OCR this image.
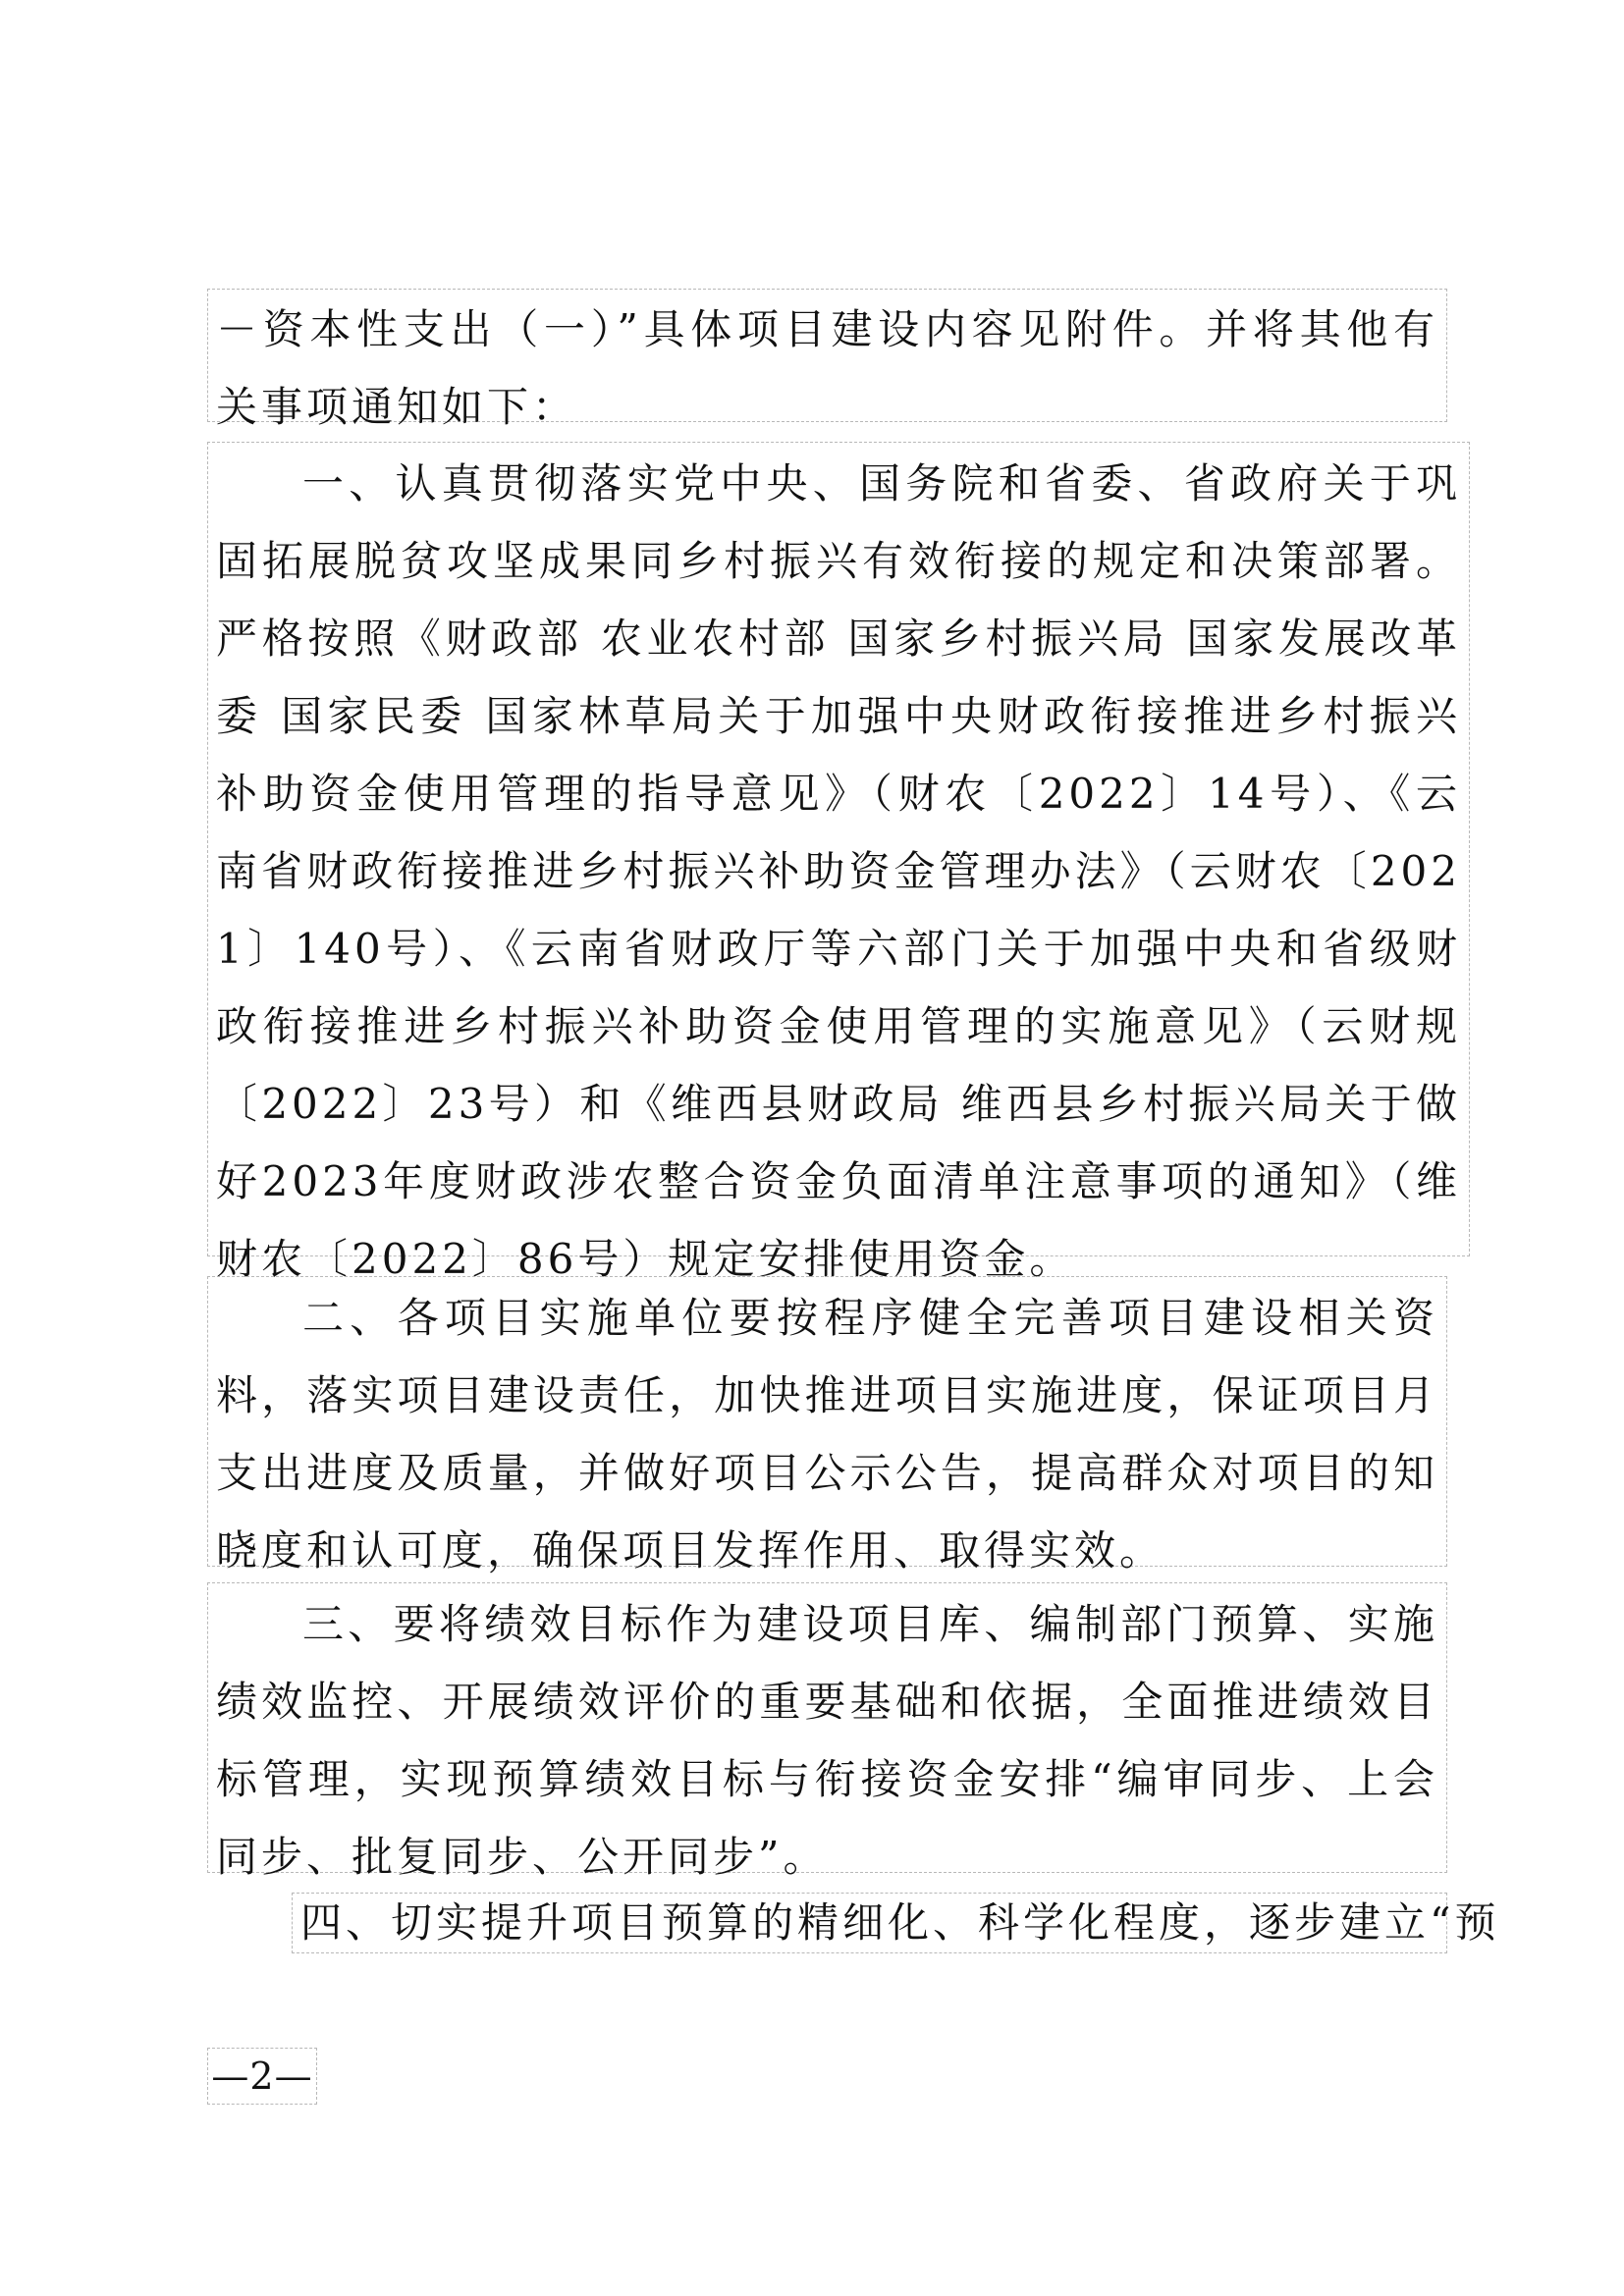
－资本性支出（一）”具体项目建设内容见附件。并将其他有关事项通知如下：

一、认真贯彻落实党中央、国务院和省委、省政府关于巩固拓展脱贫攻坚成果同乡村振兴有效衔接的规定和决策部署。严格按照《财政部 农业农村部 国家乡村振兴局 国家发展改革委 国家民委 国家林草局关于加强中央财政衔接推进乡村振兴补助资金使用管理的指导意见》（财农〔2022〕14号）、《云南省财政衔接推进乡村振兴补助资金管理办法》（云财农〔2021〕140号）、《云南省财政厅等六部门关于加强中央和省级财政衔接推进乡村振兴补助资金使用管理的实施意见》（云财规〔2022〕23号）和《维西县财政局 维西县乡村振兴局关于做好2023年度财政涉农整合资金负面清单注意事项的通知》（维财农〔2022〕86号）规定安排使用资金。

二、各项目实施单位要按程序健全完善项目建设相关资料，落实项目建设责任，加快推进项目实施进度，保证项目月支出进度及质量，并做好项目公示公告，提高群众对项目的知晓度和认可度，确保项目发挥作用、取得实效。

三、要将绩效目标作为建设项目库、编制部门预算、实施绩效监控、开展绩效评价的重要基础和依据，全面推进绩效目标管理，实现预算绩效目标与衔接资金安排“编审同步、上会同步、批复同步、公开同步”。

四、切实提升项目预算的精细化、科学化程度，逐步建立“预

—2—
